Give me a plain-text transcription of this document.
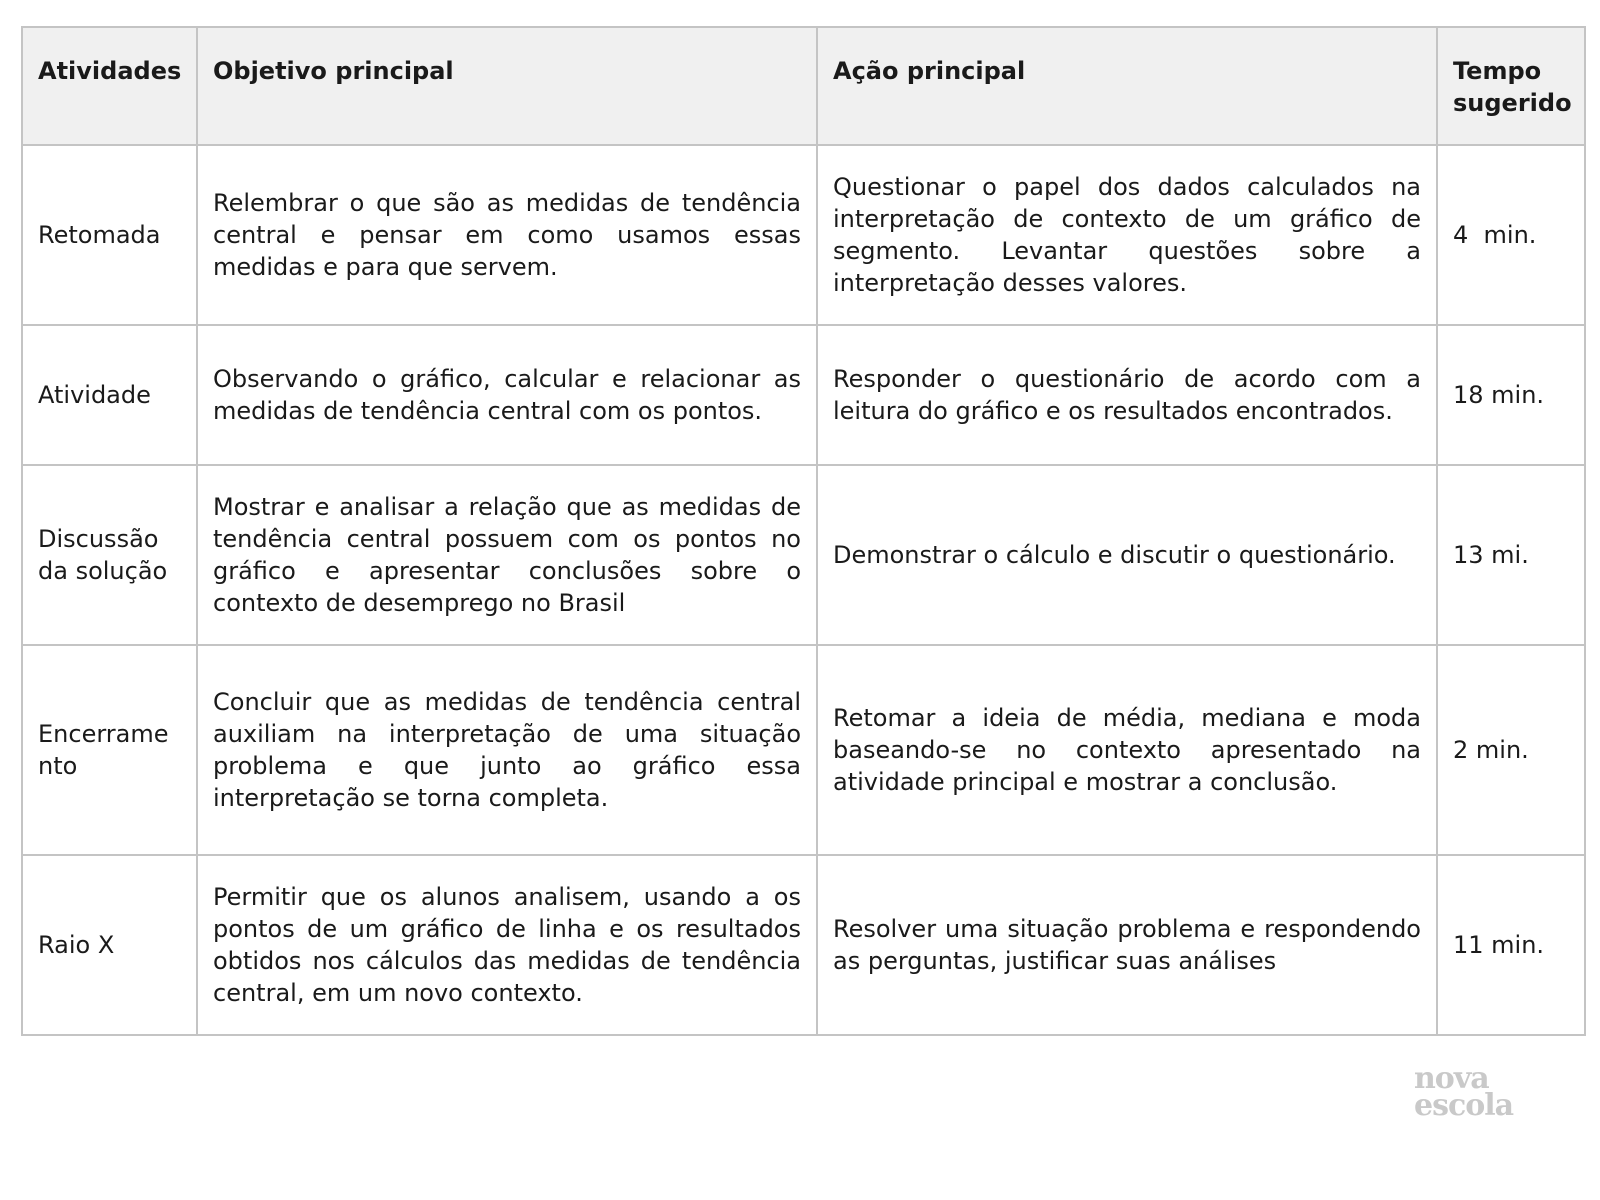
Atividades	Objetivo principal	Ação principal	Tempo sugerido
Retomada	Relembrar o que são as medidas de tendência central e pensar em como usamos essas medidas e para que servem.	Questionar o papel dos dados calculados na interpretação de contexto de um gráfico de segmento. Levantar questões sobre a interpretação desses valores.	4  min.
Atividade	Observando o gráfico, calcular e relacionar as medidas de tendência central com os pontos.	Responder o questionário de acordo com a leitura do gráfico e os resultados encontrados.	18 min.
Discussão da solução	Mostrar e analisar a relação que as medidas de tendência central possuem com os pontos no gráfico e apresentar conclusões sobre o contexto de desemprego no Brasil	Demonstrar o cálculo e discutir o questionário.	13 mi.
Encerrame nto	Concluir que as medidas de tendência central auxiliam na interpretação de uma situação problema e que junto ao gráfico essa interpretação se torna completa.	Retomar a ideia de média, mediana e moda baseando-se no contexto apresentado na atividade principal e mostrar a conclusão.	2 min.
Raio X	Permitir que os alunos analisem, usando a os pontos de um gráfico de linha e os resultados obtidos nos cálculos das medidas de tendência central, em um novo contexto.	Resolver uma situação problema e respondendo as perguntas, justificar suas análises	11 min.
nova
escola
